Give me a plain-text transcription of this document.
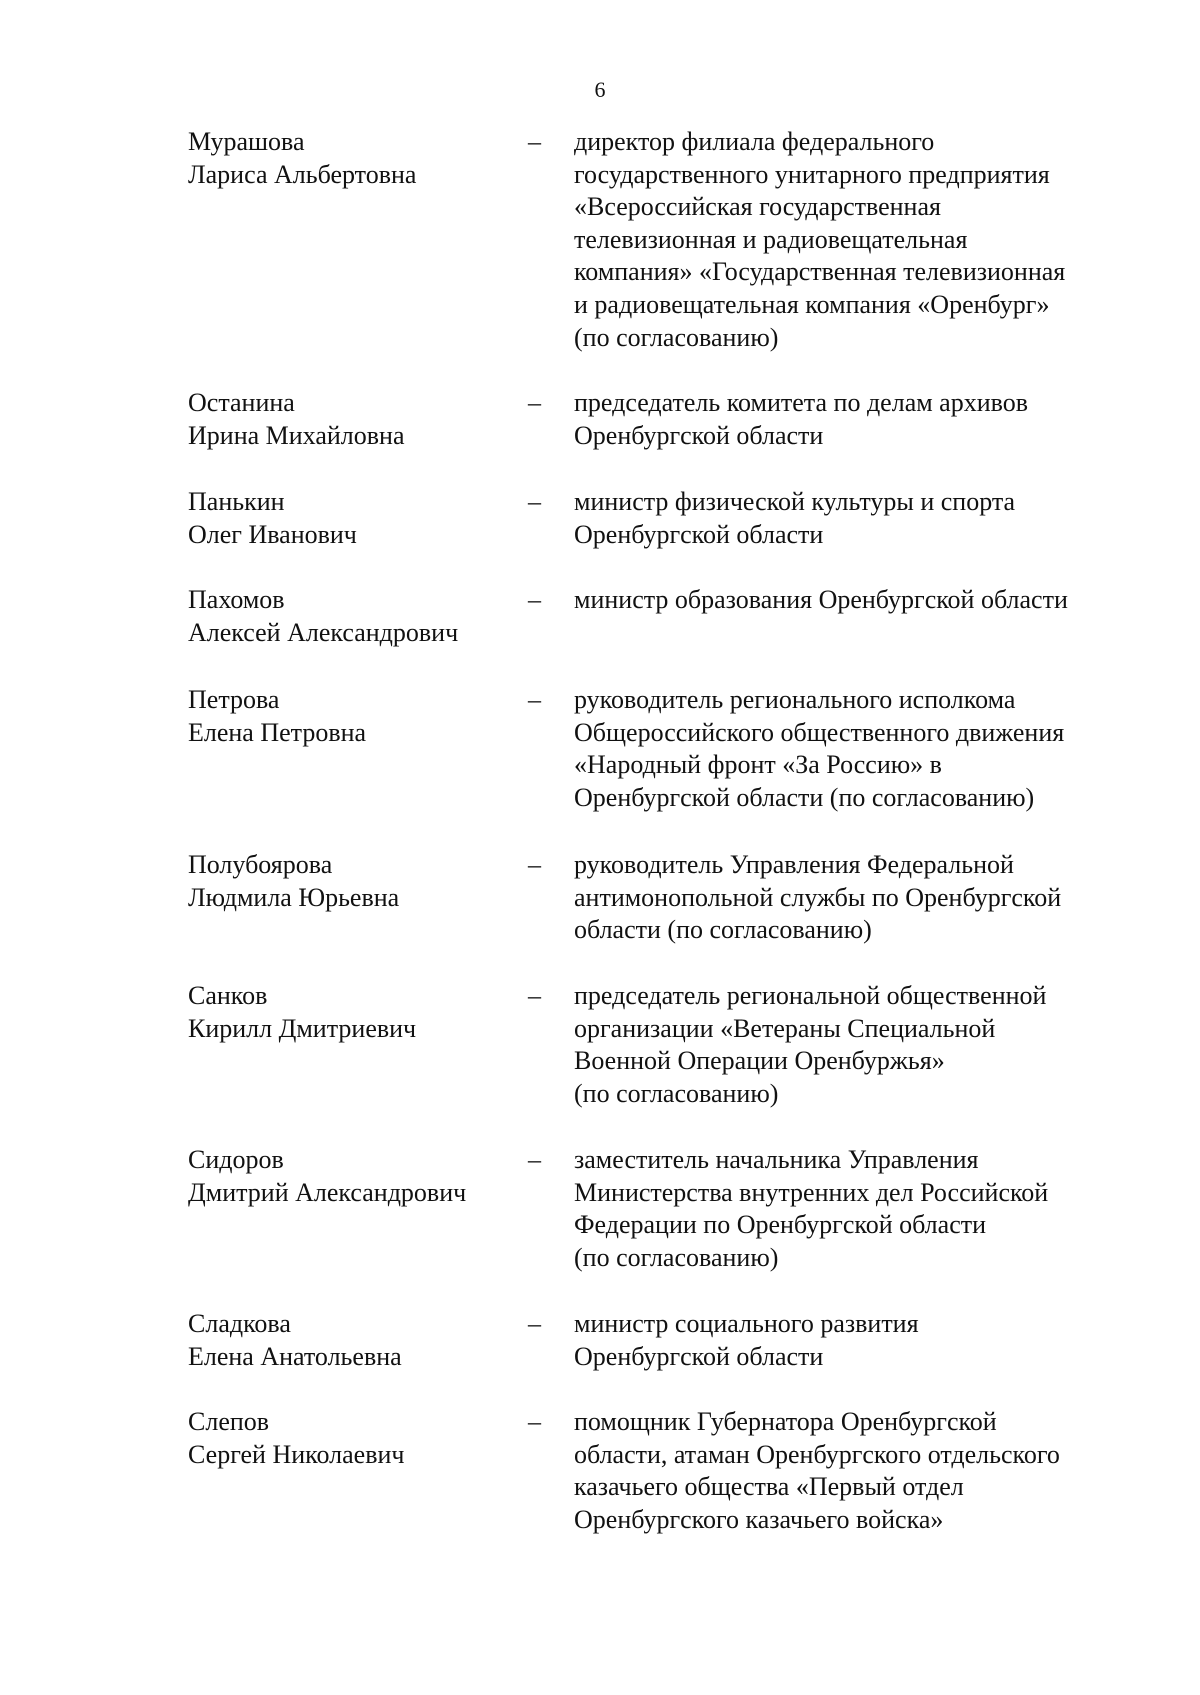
6
Мурашова
Лариса Альбертовна
– директор филиала федерального
государственного унитарного предприятия
«Всероссийская государственная
телевизионная и радиовещательная
компания» «Государственная телевизионная
и радиовещательная компания «Оренбург»
(по согласованию)
Останина
Ирина Михайловна
– председатель комитета по делам архивов
Оренбургской области
Панькин
Олег Иванович
– министр физической культуры и спорта
Оренбургской области
Пахомов
Алексей Александрович
– министр образования Оренбургской области
Петрова
Елена Петровна
– руководитель регионального исполкома
Общероссийского общественного движения
«Народный фронт «За Россию» в
Оренбургской области (по согласованию)
Полубоярова
Людмила Юрьевна
– руководитель Управления Федеральной
антимонопольной службы по Оренбургской
области (по согласованию)
Санков
Кирилл Дмитриевич
– председатель региональной общественной
организации «Ветераны Специальной
Военной Операции Оренбуржья»
(по согласованию)
Сидоров
Дмитрий Александрович
– заместитель начальника Управления
Министерства внутренних дел Российской
Федерации по Оренбургской области
(по согласованию)
Сладкова
Елена Анатольевна
– министр социального развития
Оренбургской области
Слепов
Сергей Николаевич
– помощник Губернатора Оренбургской
области, атаман Оренбургского отдельского
казачьего общества «Первый отдел
Оренбургского казачьего войска»
